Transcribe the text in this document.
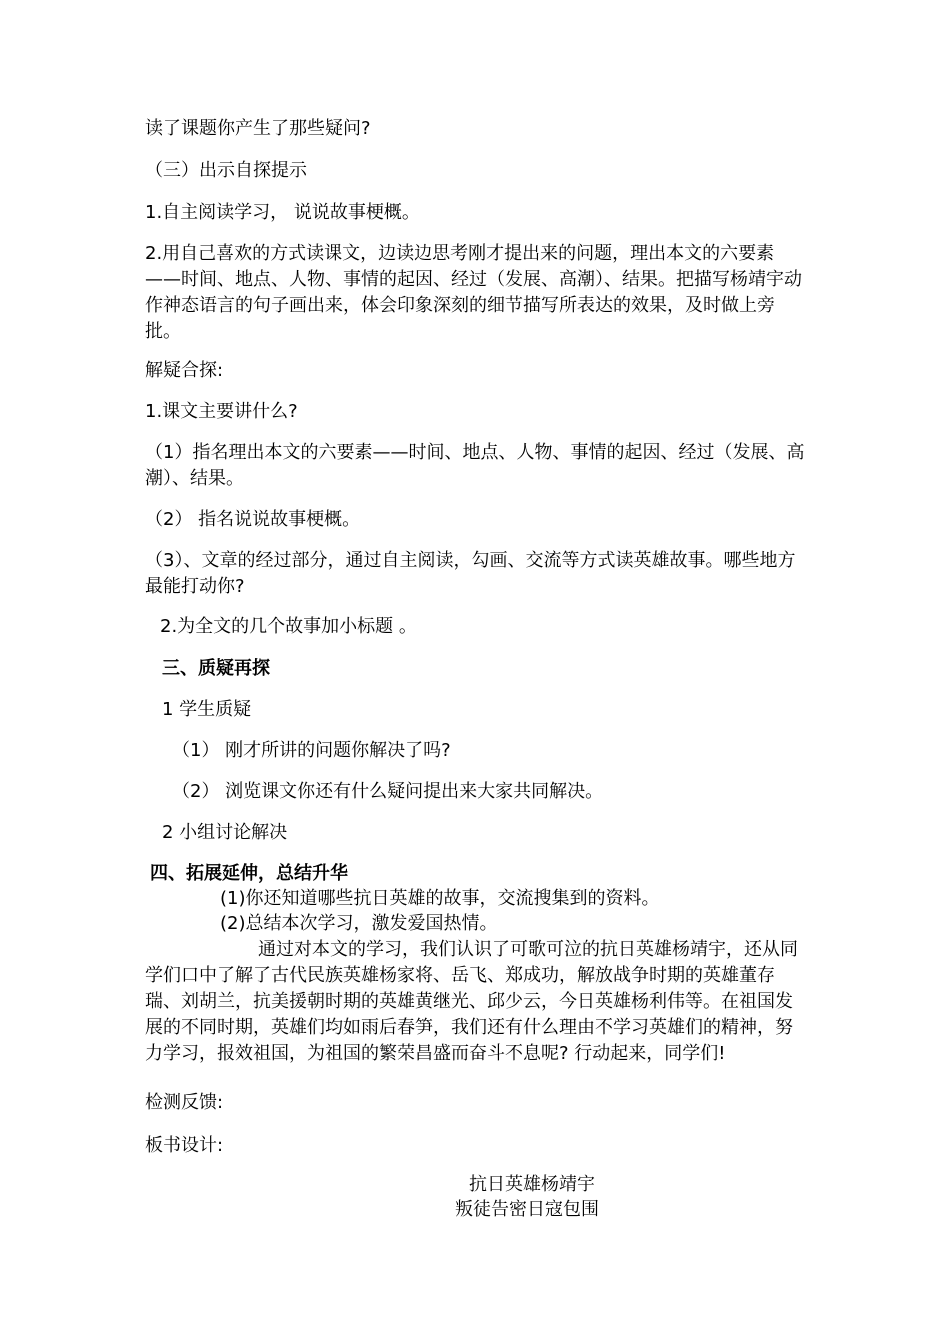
读了课题你产生了那些疑问?
（三）出示自探提示
1.自主阅读学习， 说说故事梗概。
2.用自己喜欢的方式读课文，边读边思考刚才提出来的问题，理出本文的六要素——时间、地点、人物、事情的起因、经过（发展、高潮）、结果。把描写杨靖宇动作神态语言的句子画出来，体会印象深刻的细节描写所表达的效果，及时做上旁批。
解疑合探:
1.课文主要讲什么?
（1）指名理出本文的六要素——时间、地点、人物、事情的起因、经过（发展、高潮）、结果。
（2） 指名说说故事梗概。
（3）、文章的经过部分，通过自主阅读，勾画、交流等方式读英雄故事。哪些地方最能打动你?
2.为全文的几个故事加小标题 。
三、质疑再探
1 学生质疑
（1） 刚才所讲的问题你解决了吗?
（2） 浏览课文你还有什么疑问提出来大家共同解决。
2 小组讨论解决
四、拓展延伸，总结升华
(1)你还知道哪些抗日英雄的故事，交流搜集到的资料。
(2)总结本次学习，激发爱国热情。
通过对本文的学习，我们认识了可歌可泣的抗日英雄杨靖宇，还从同学们口中了解了古代民族英雄杨家将、岳飞、郑成功，解放战争时期的英雄董存瑞、刘胡兰，抗美援朝时期的英雄黄继光、邱少云，今日英雄杨利伟等。在祖国发展的不同时期，英雄们均如雨后春笋，我们还有什么理由不学习英雄们的精神，努力学习，报效祖国，为祖国的繁荣昌盛而奋斗不息呢? 行动起来，同学们!
检测反馈:
板书设计:
抗日英雄杨靖宇
叛徒告密日寇包围
